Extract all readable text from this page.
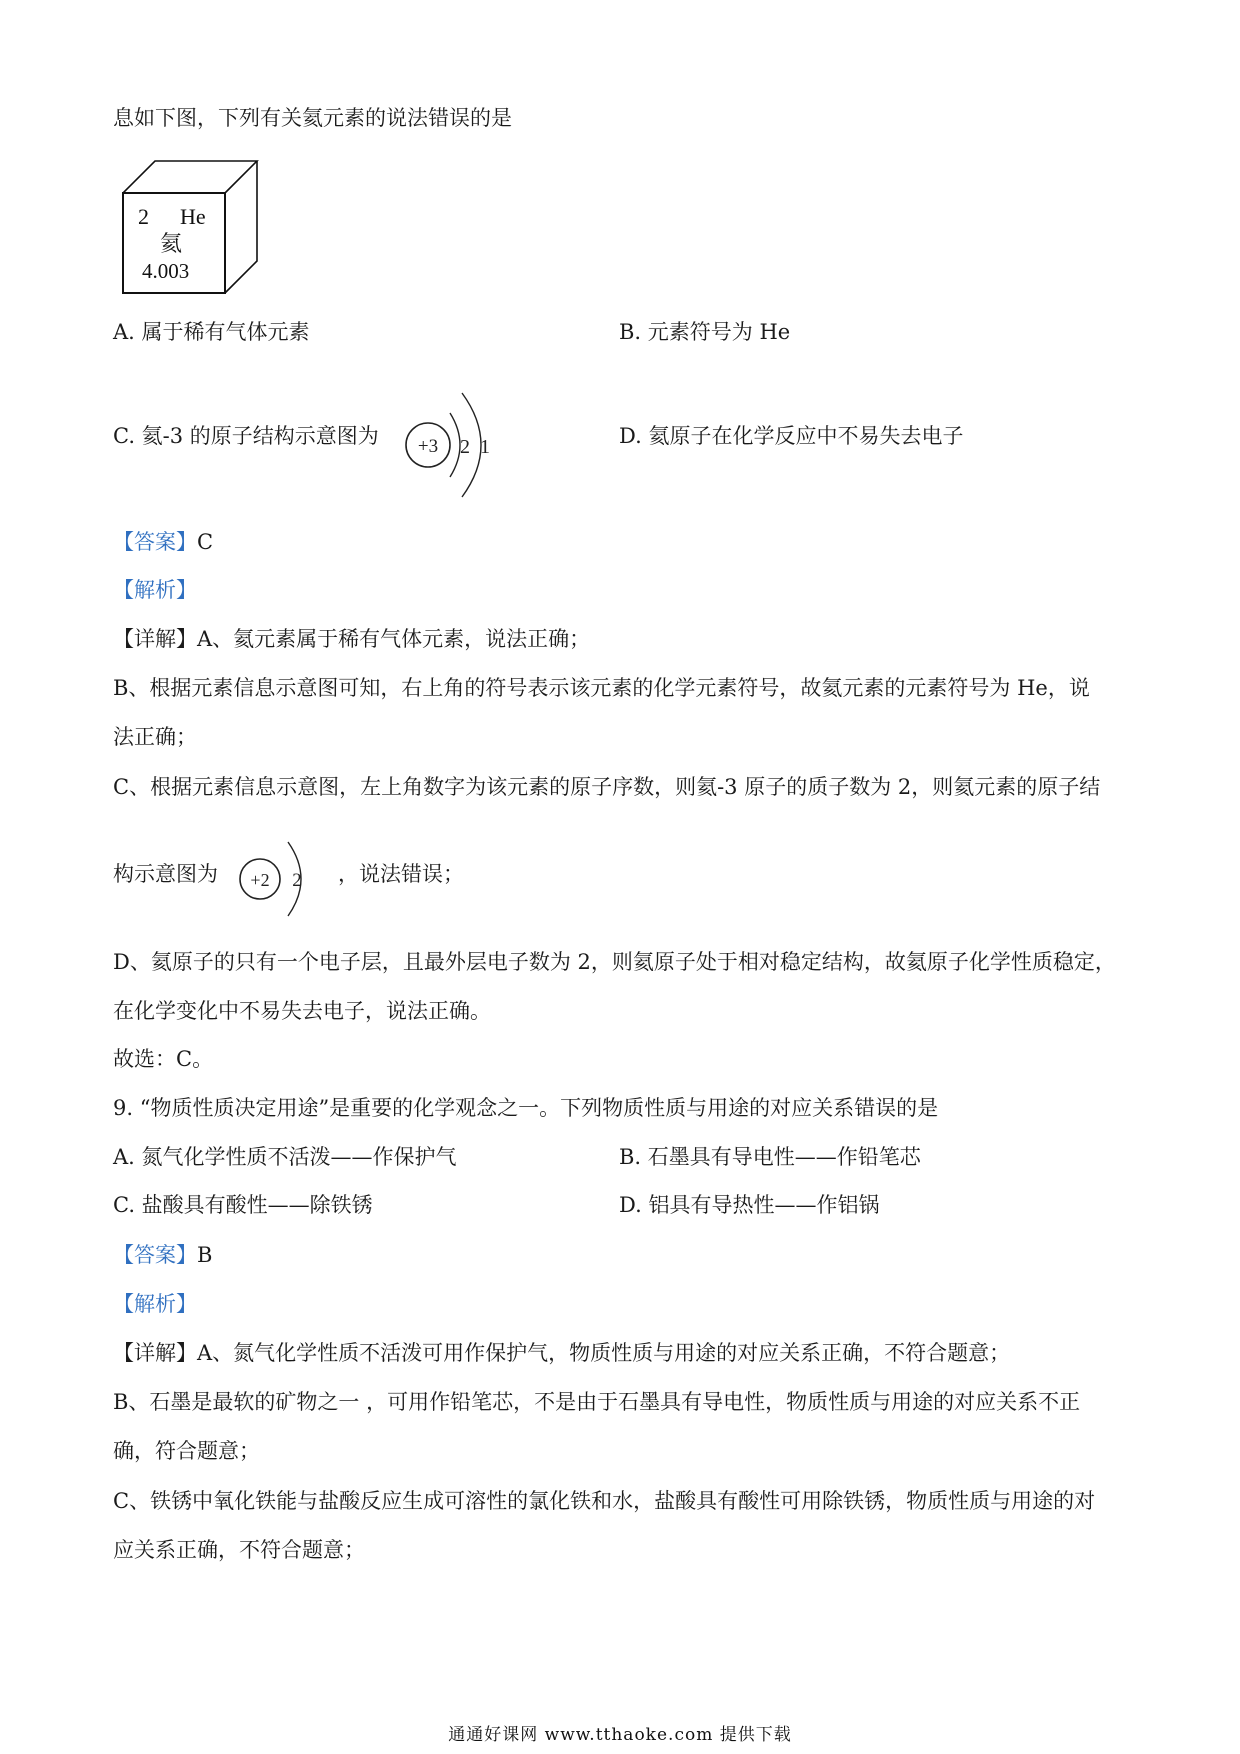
息如下图，下列有关氦元素的说法错误的是
2 He
氦
4.003
A. 属于稀有气体元素	B. 元素符号为 He
C. 氦-3 的原子结构示意图为 +3 2 1	D. 氦原子在化学反应中不易失去电子
【答案】C
【解析】
【详解】A、氦元素属于稀有气体元素，说法正确；
B、根据元素信息示意图可知，右上角的符号表示该元素的化学元素符号，故氦元素的元素符号为 He，说
法正确；
C、根据元素信息示意图，左上角数字为该元素的原子序数，则氦-3 原子的质子数为 2，则氦元素的原子结
构示意图为 +2 2 ，说法错误；
D、氦原子的只有一个电子层，且最外层电子数为 2，则氦原子处于相对稳定结构，故氦原子化学性质稳定，
在化学变化中不易失去电子，说法正确。
故选：C。
9. “物质性质决定用途”是重要的化学观念之一。下列物质性质与用途的对应关系错误的是
A. 氮气化学性质不活泼——作保护气	B. 石墨具有导电性——作铅笔芯
C. 盐酸具有酸性——除铁锈	D. 铝具有导热性——作铝锅
【答案】B
【解析】
【详解】A、氮气化学性质不活泼可用作保护气，物质性质与用途的对应关系正确，不符合题意；
B、石墨是最软的矿物之一 ，可用作铅笔芯，不是由于石墨具有导电性，物质性质与用途的对应关系不正
确，符合题意；
C、铁锈中氧化铁能与盐酸反应生成可溶性的氯化铁和水，盐酸具有酸性可用除铁锈，物质性质与用途的对
应关系正确，不符合题意；
通通好课网 www.tthaoke.com 提供下载
